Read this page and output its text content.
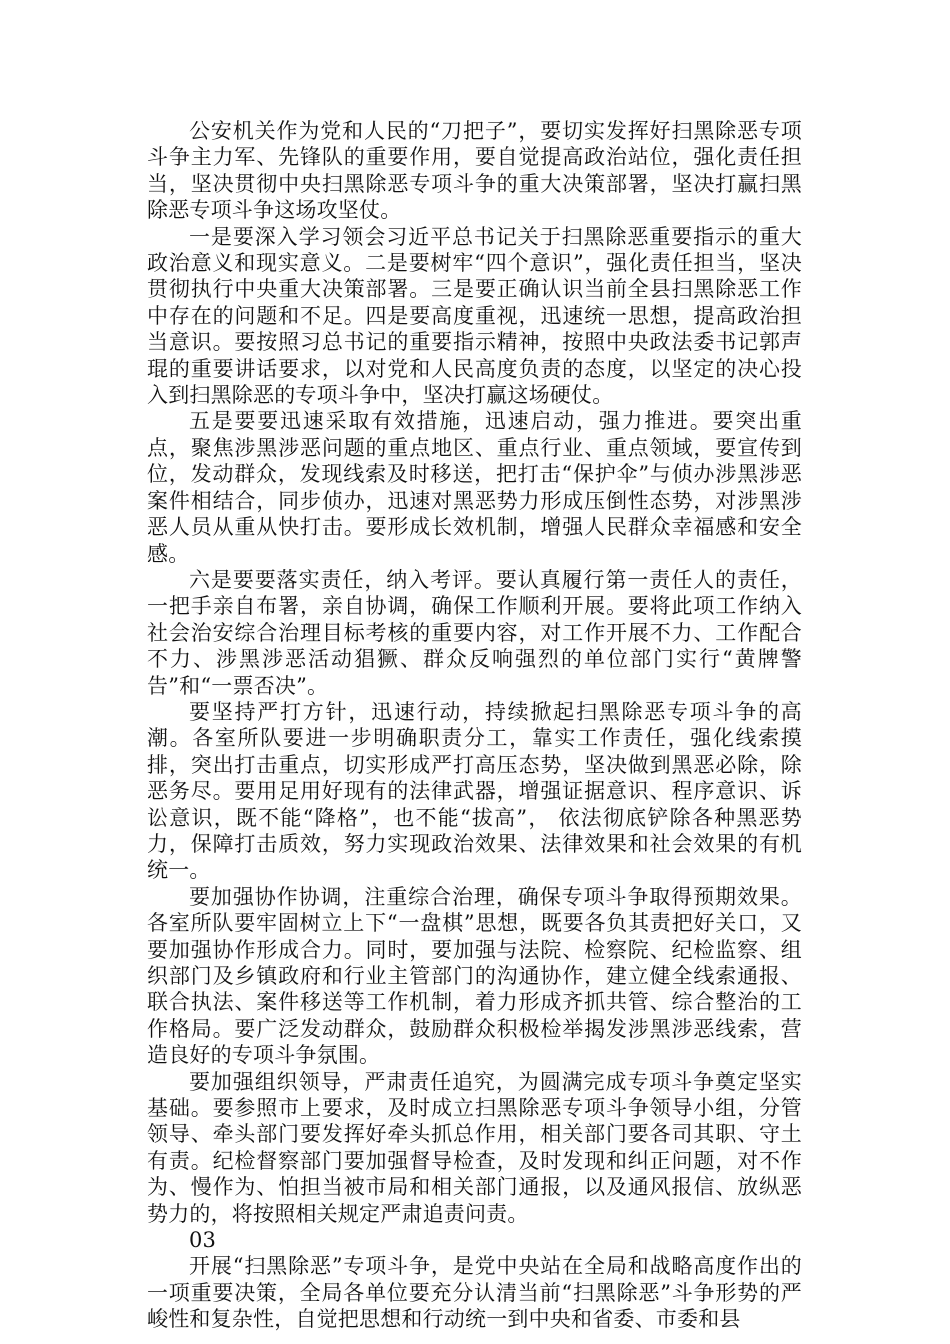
公安机关作为党和人民的“刀把子”，要切实发挥好扫黑除恶专项斗争主力军、先锋队的重要作用，要自觉提高政治站位，强化责任担当，坚决贯彻中央扫黑除恶专项斗争的重大决策部署，坚决打赢扫黑除恶专项斗争这场攻坚仗。

一是要深入学习领会习近平总书记关于扫黑除恶重要指示的重大政治意义和现实意义。二是要树牢“四个意识”，强化责任担当，坚决贯彻执行中央重大决策部署。三是要正确认识当前全县扫黑除恶工作中存在的问题和不足。四是要高度重视，迅速统一思想，提高政治担当意识。要按照习总书记的重要指示精神，按照中央政法委书记郭声琨的重要讲话要求，以对党和人民高度负责的态度，以坚定的决心投入到扫黑除恶的专项斗争中，坚决打赢这场硬仗。

五是要要迅速采取有效措施，迅速启动，强力推进。要突出重点，聚焦涉黑涉恶问题的重点地区、重点行业、重点领域，要宣传到位，发动群众，发现线索及时移送，把打击“保护伞”与侦办涉黑涉恶案件相结合，同步侦办，迅速对黑恶势力形成压倒性态势，对涉黑涉恶人员从重从快打击。要形成长效机制，增强人民群众幸福感和安全感。

六是要要落实责任，纳入考评。要认真履行第一责任人的责任，一把手亲自布署，亲自协调，确保工作顺利开展。要将此项工作纳入社会治安综合治理目标考核的重要内容，对工作开展不力、工作配合不力、涉黑涉恶活动猖獗、群众反响强烈的单位部门实行“黄牌警告”和“一票否决”。

要坚持严打方针，迅速行动，持续掀起扫黑除恶专项斗争的高潮。各室所队要进一步明确职责分工，靠实工作责任，强化线索摸排，突出打击重点，切实形成严打高压态势，坚决做到黑恶必除，除恶务尽。要用足用好现有的法律武器，增强证据意识、程序意识、诉讼意识，既不能“降格”，也不能“拔高”， 依法彻底铲除各种黑恶势力，保障打击质效，努力实现政治效果、法律效果和社会效果的有机统一。

要加强协作协调，注重综合治理，确保专项斗争取得预期效果。各室所队要牢固树立上下“一盘棋”思想，既要各负其责把好关口，又要加强协作形成合力。同时，要加强与法院、检察院、纪检监察、组织部门及乡镇政府和行业主管部门的沟通协作，建立健全线索通报、联合执法、案件移送等工作机制，着力形成齐抓共管、综合整治的工作格局。要广泛发动群众，鼓励群众积极检举揭发涉黑涉恶线索，营造良好的专项斗争氛围。

要加强组织领导，严肃责任追究，为圆满完成专项斗争奠定坚实基础。要参照市上要求，及时成立扫黑除恶专项斗争领导小组，分管领导、牵头部门要发挥好牵头抓总作用，相关部门要各司其职、守土有责。纪检督察部门要加强督导检查，及时发现和纠正问题，对不作为、慢作为、怕担当被市局和相关部门通报，以及通风报信、放纵恶势力的，将按照相关规定严肃追责问责。

03

开展“扫黑除恶”专项斗争，是党中央站在全局和战略高度作出的一项重要决策，全局各单位要充分认清当前“扫黑除恶”斗争形势的严峻性和复杂性，自觉把思想和行动统一到中央和省委、市委和县
